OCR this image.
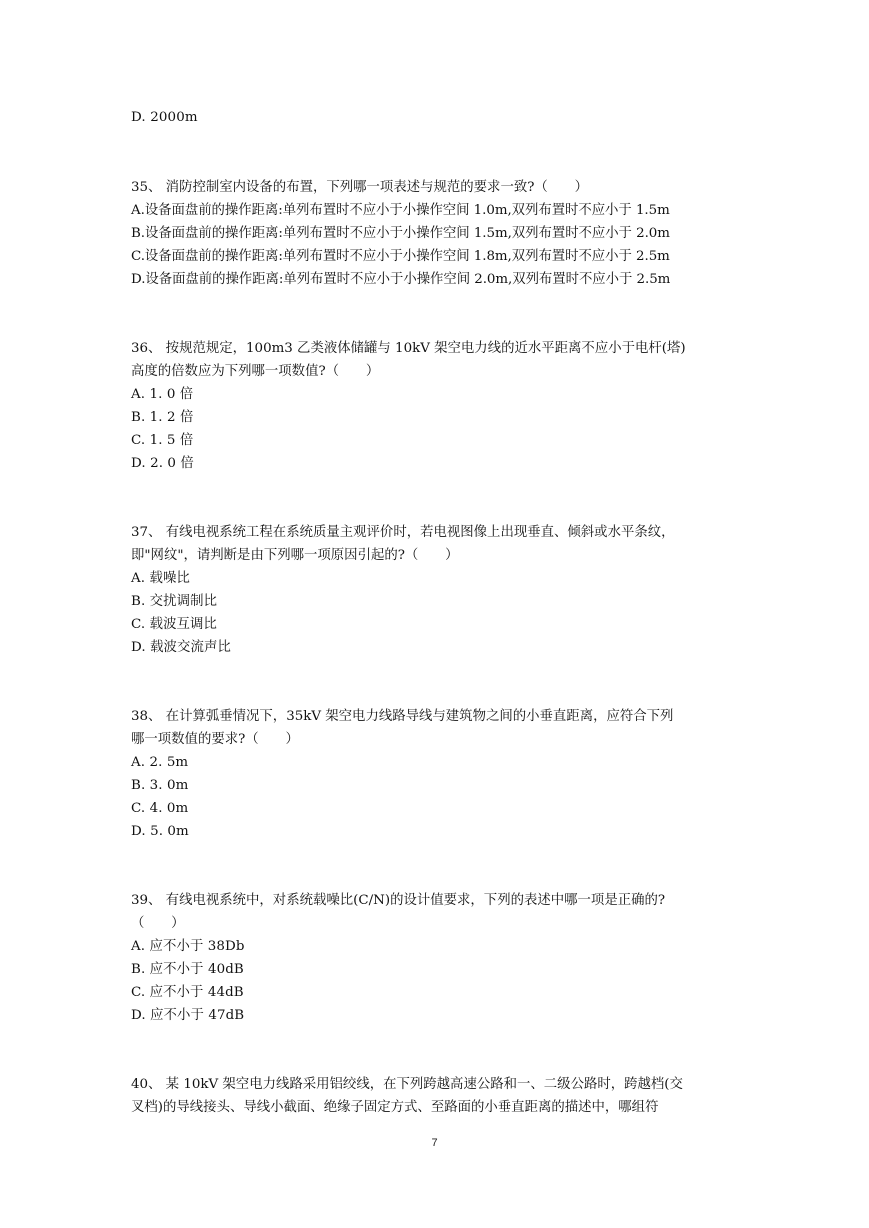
D. 2000m
35、 消防控制室内设备的布置，下列哪一项表述与规范的要求一致?（　　）
A.设备面盘前的操作距离:单列布置时不应小于小操作空间 1.0m,双列布置时不应小于 1.5m
B.设备面盘前的操作距离:单列布置时不应小于小操作空间 1.5m,双列布置时不应小于 2.0m
C.设备面盘前的操作距离:单列布置时不应小于小操作空间 1.8m,双列布置时不应小于 2.5m
D.设备面盘前的操作距离:单列布置时不应小于小操作空间 2.0m,双列布置时不应小于 2.5m
36、 按规范规定，100m3 乙类液体储罐与 10kV 架空电力线的近水平距离不应小于电杆(塔)
高度的倍数应为下列哪一项数值?（　　）
A. 1. 0 倍
B. 1. 2 倍
C. 1. 5 倍
D. 2. 0 倍
37、 有线电视系统工程在系统质量主观评价时，若电视图像上出现垂直、倾斜或水平条纹，
即"网纹"，请判断是由下列哪一项原因引起的?（　　）
A. 载噪比
B. 交扰调制比
C. 载波互调比
D. 载波交流声比
38、 在计算弧垂情况下，35kV 架空电力线路导线与建筑物之间的小垂直距离，应符合下列
哪一项数值的要求?（　　）
A. 2. 5m
B. 3. 0m
C. 4. 0m
D. 5. 0m
39、 有线电视系统中，对系统载噪比(C/N)的设计值要求，下列的表述中哪一项是正确的?
（　　）
A. 应不小于 38Db
B. 应不小于 40dB
C. 应不小于 44dB
D. 应不小于 47dB
40、 某 10kV 架空电力线路采用铝绞线，在下列跨越高速公路和一、二级公路时，跨越档(交
叉档)的导线接头、导线小截面、绝缘子固定方式、至路面的小垂直距离的描述中，哪组符
7
